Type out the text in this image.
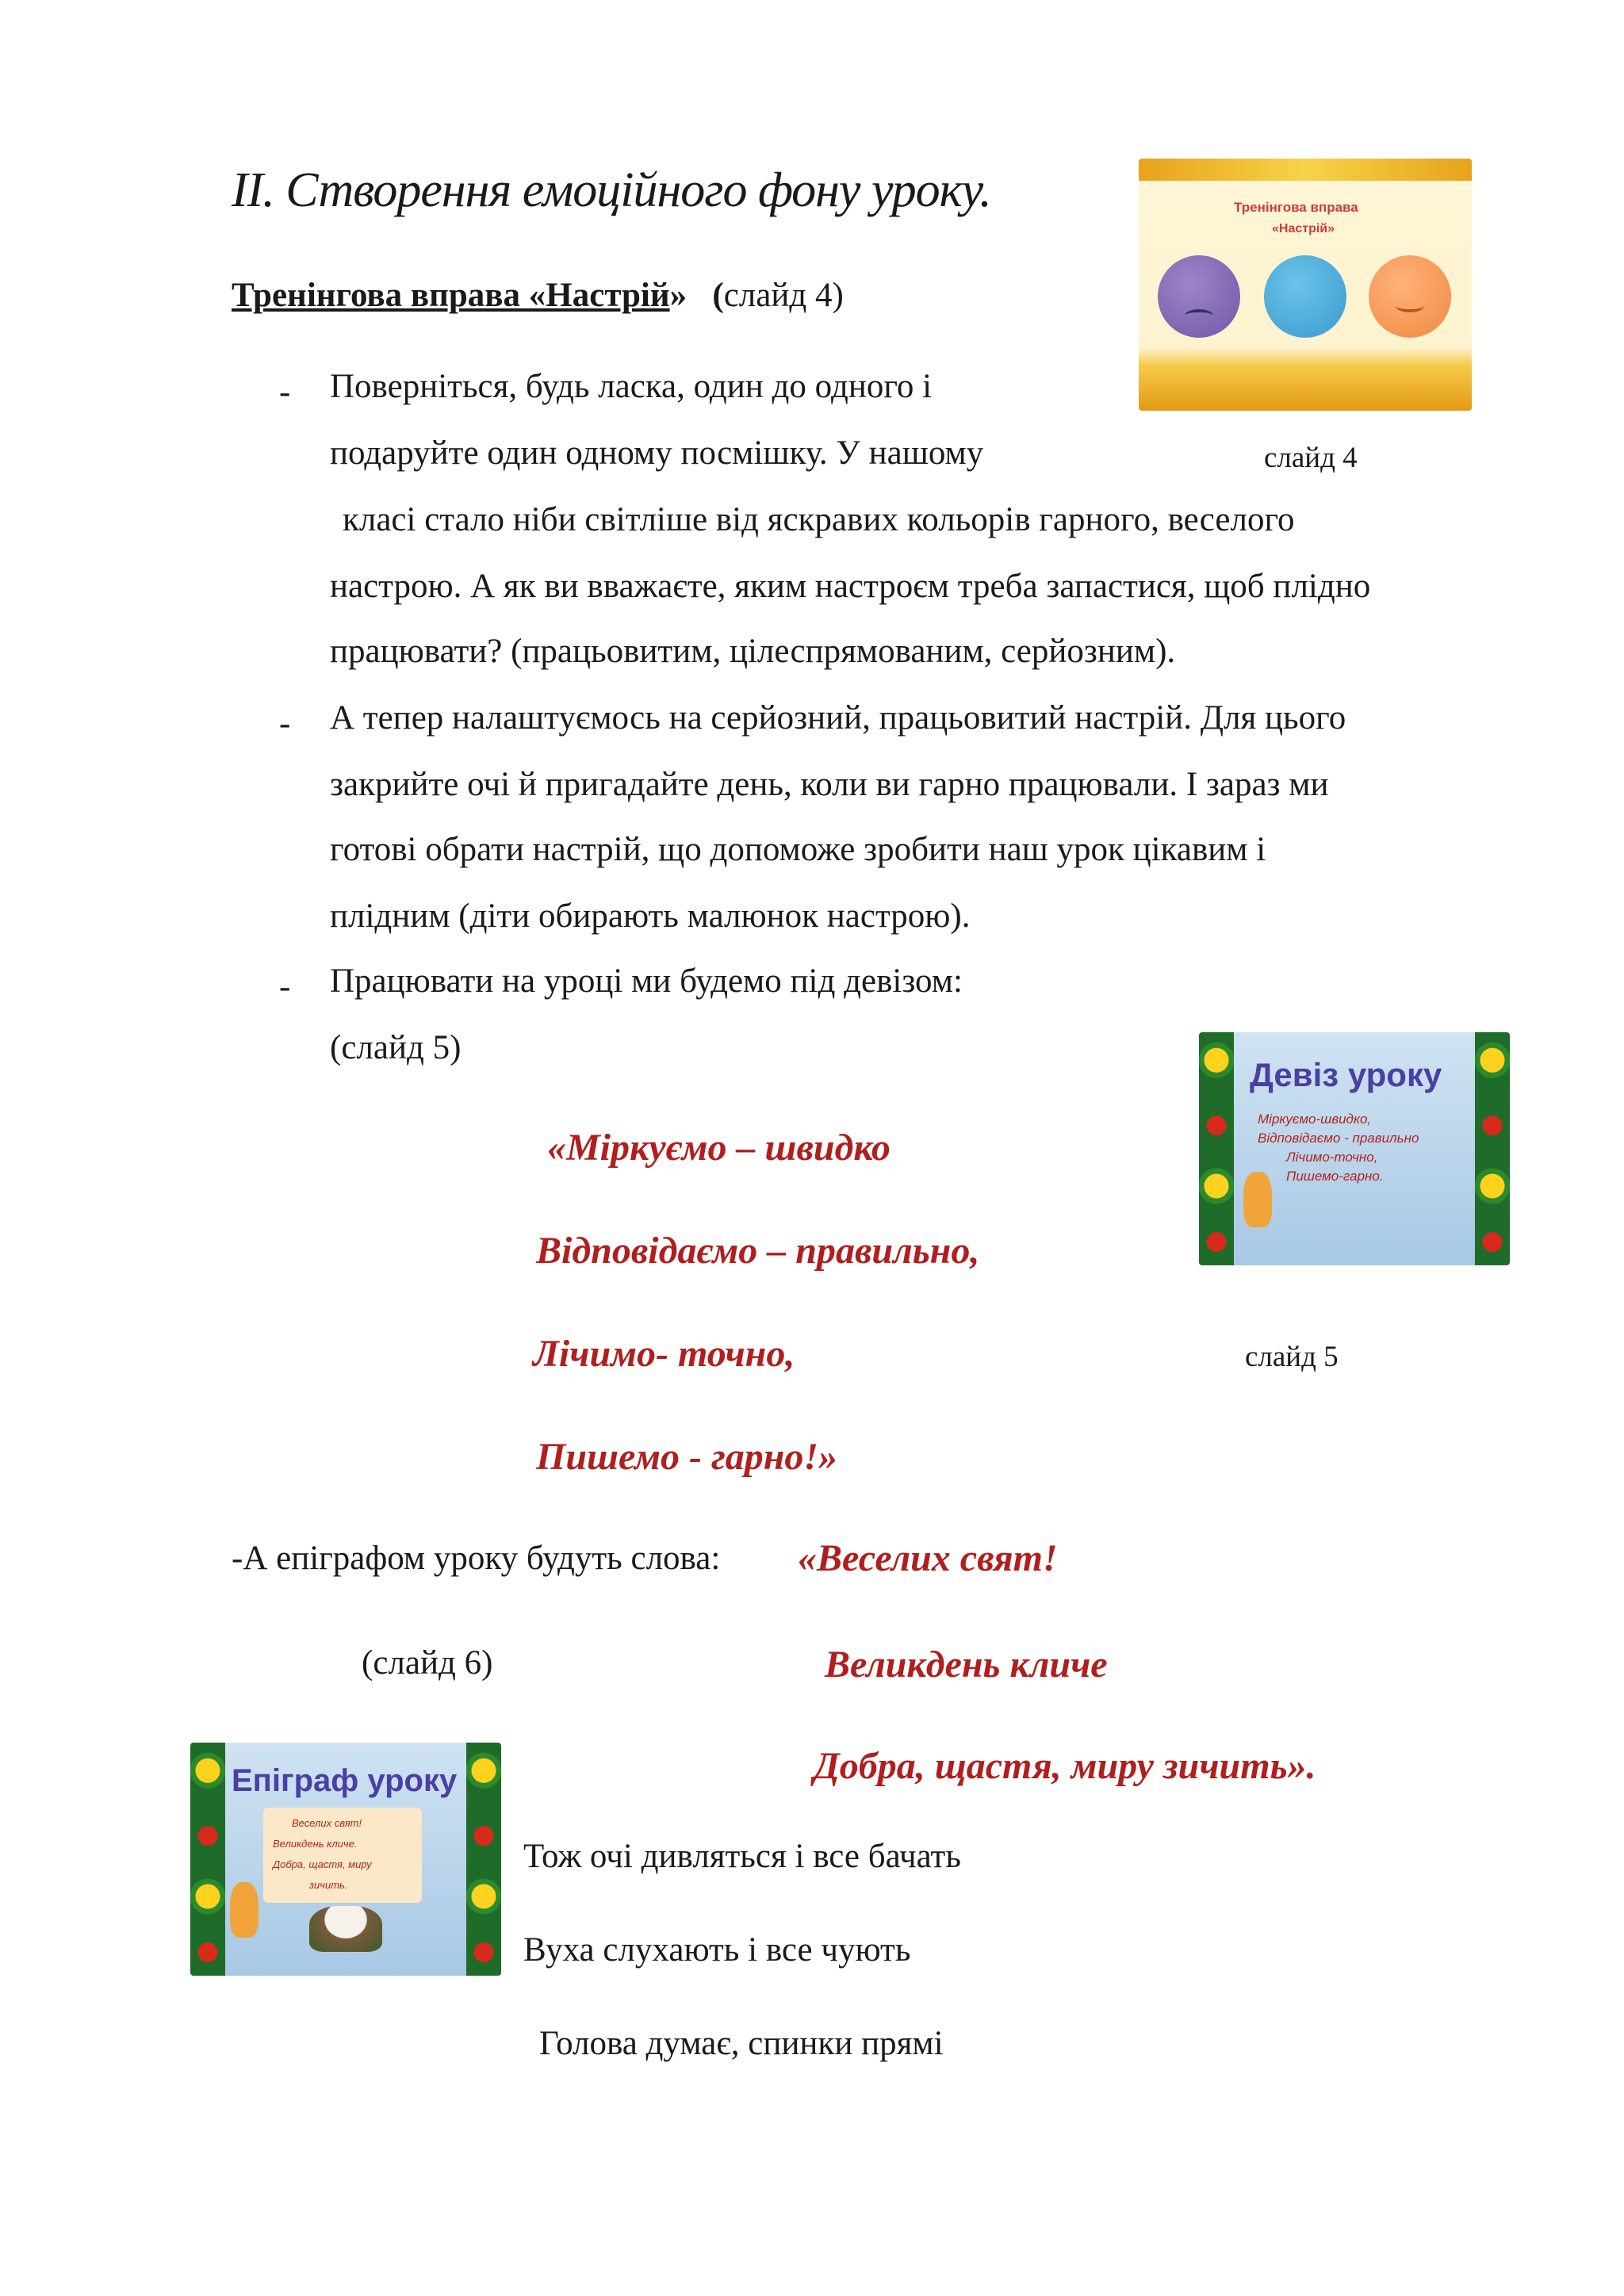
II. Створення емоційного фону уроку.
Тренінгова вправа «Настрій» (слайд 4)
Тренінгова вправа
«Настрій»
- Поверніться, будь ласка, один до одного і
подаруйте один одному посмішку. У нашому	слайд 4
класі стало ніби світліше від яскравих кольорів гарного, веселого
настрою. А як ви вважаєте, яким настроєм треба запастися, щоб плідно
працювати? (працьовитим, цілеспрямованим, серйозним).
- А тепер налаштуємось на серйозний, працьовитий настрій. Для цього
закрийте очі й пригадайте день, коли ви гарно працювали. І зараз ми
готові обрати настрій, що допоможе зробити наш урок цікавим і
плідним (діти обирають малюнок настрою).
- Працювати на уроці ми будемо під девізом:
(слайд 5)
Девіз уроку
Міркуємо-швидко,
Відповідаємо - правильно
Лічимо-точно,
Пишемо-гарно.
«Міркуємо – швидко
Відповідаємо – правильно,
Лічимо- точно,	слайд 5
Пишемо - гарно!»
-А епіграфом уроку будуть слова: «Веселих свят!
(слайд 6)	Великдень кличе
Добра, щастя, миру зичить».
Епіграф уроку
Веселих свят!
Великдень кличе.
Добра, щастя, миру
зичить.
Тож очі дивляться і все бачать
Вуха слухають і все чують
Голова думає, спинки прямі
